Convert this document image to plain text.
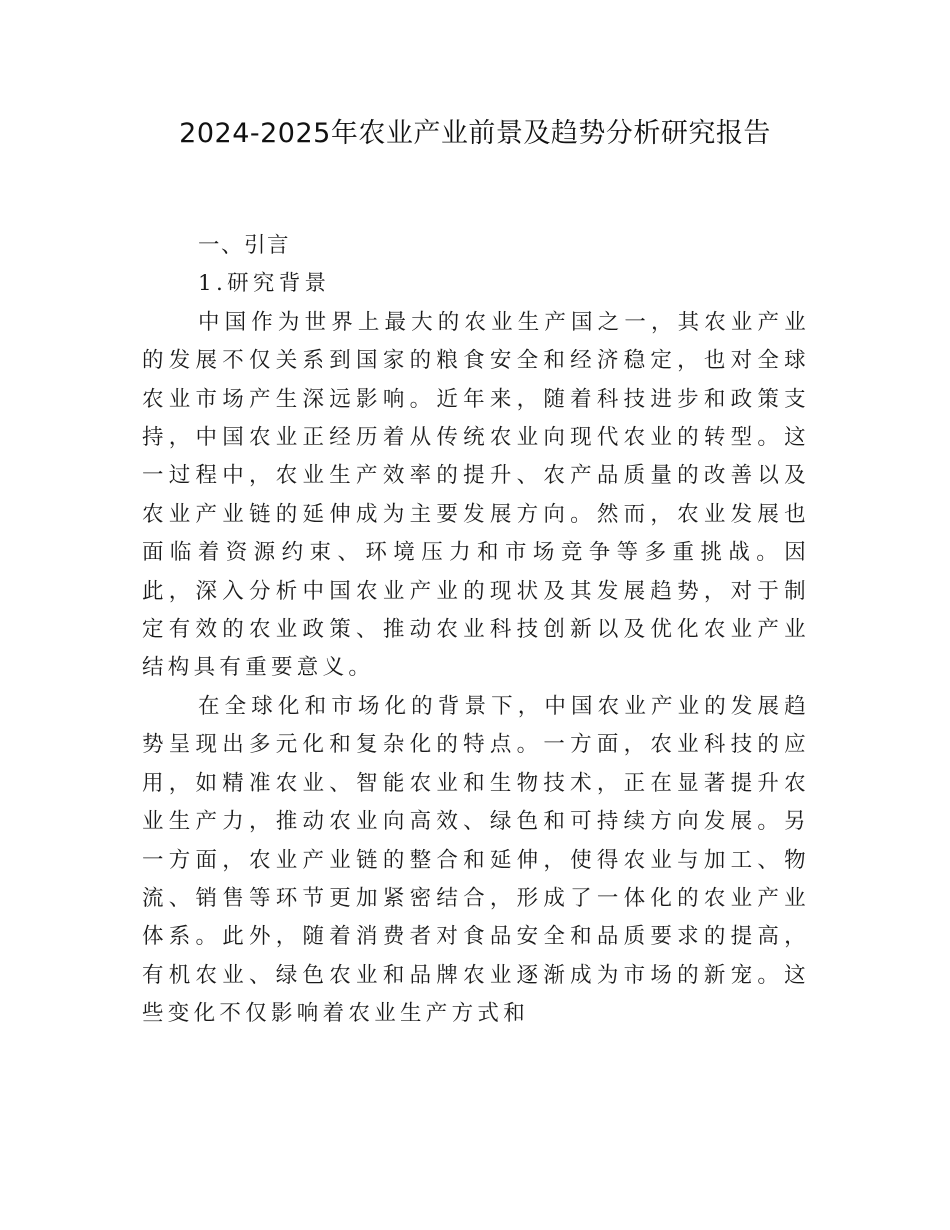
2024-2025年农业产业前景及趋势分析研究报告
一、引言
1.研究背景

中国作为世界上最大的农业生产国之一，其农业产业的发展不仅关系到国家的粮食安全和经济稳定，也对全球农业市场产生深远影响。近年来，随着科技进步和政策支持，中国农业正经历着从传统农业向现代农业的转型。这一过程中，农业生产效率的提升、农产品质量的改善以及农业产业链的延伸成为主要发展方向。然而，农业发展也面临着资源约束、环境压力和市场竞争等多重挑战。因此，深入分析中国农业产业的现状及其发展趋势，对于制定有效的农业政策、推动农业科技创新以及优化农业产业结构具有重要意义。

在全球化和市场化的背景下，中国农业产业的发展趋势呈现出多元化和复杂化的特点。一方面，农业科技的应用，如精准农业、智能农业和生物技术，正在显著提升农业生产力，推动农业向高效、绿色和可持续方向发展。另一方面，农业产业链的整合和延伸，使得农业与加工、物流、销售等环节更加紧密结合，形成了一体化的农业产业体系。此外，随着消费者对食品安全和品质要求的提高，有机农业、绿色农业和品牌农业逐渐成为市场的新宠。这些变化不仅影响着农业生产方式和
